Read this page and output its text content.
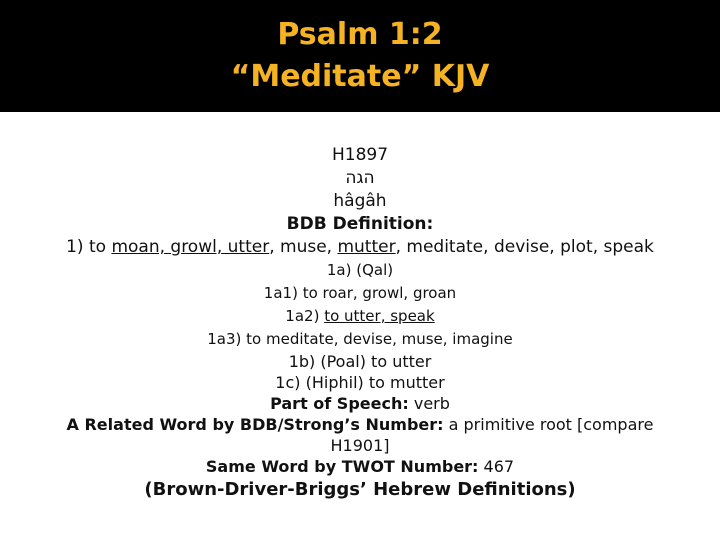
Psalm 1:2
“Meditate” KJV

H1897

הגה

hâgâh

BDB Definition:

1) to moan, growl, utter, muse, mutter, meditate, devise, plot, speak

1a) (Qal)

1a1) to roar, growl, groan

1a2) to utter, speak

1a3) to meditate, devise, muse, imagine

1b) (Poal) to utter

1c) (Hiphil) to mutter

Part of Speech: verb

A Related Word by BDB/Strong’s Number: a primitive root [compare

H1901]

Same Word by TWOT Number: 467

(Brown-Driver-Briggs’ Hebrew Definitions)
